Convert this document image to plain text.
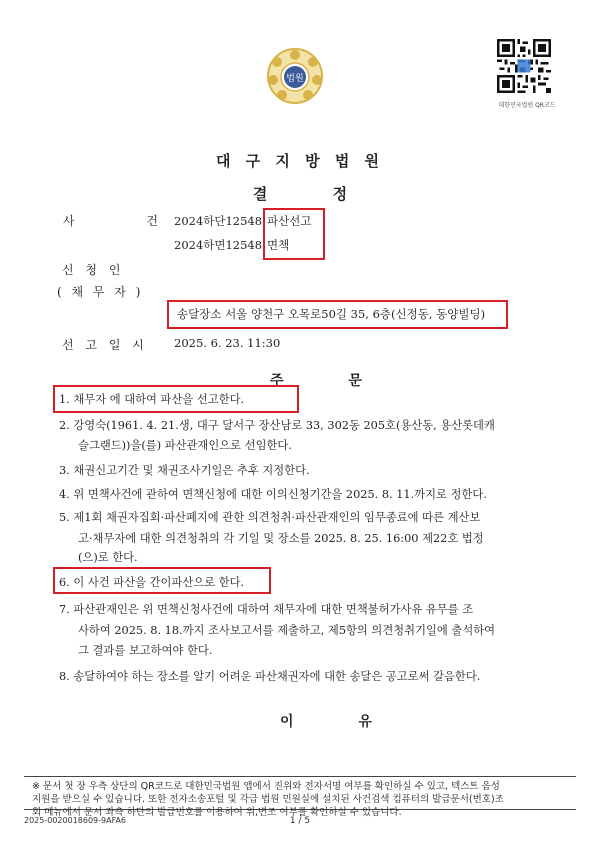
법원
대한민국법원 QR코드
대 구 지 방 법 원
결 정
사 건
2024하단12548 파산선고
2024하면12548 면책
신 청 인
( 채 무 자 )
송달장소 서울 양천구 오목로50길 35, 6층(신정동, 동양빌딩)
선 고 일 시 2025. 6. 23. 11:30
주 문
1. 채무자 에 대하여 파산을 선고한다.
2. 강영숙(1961. 4. 21.생, 대구 달서구 장산남로 33, 302동 205호(용산동, 용산롯데캐
슬그랜드))을(를) 파산관재인으로 선임한다.
3. 채권신고기간 및 채권조사기일은 추후 지정한다.
4. 위 면책사건에 관하여 면책신청에 대한 이의신청기간을 2025. 8. 11.까지로 정한다.
5. 제1회 채권자집회·파산폐지에 관한 의견청취·파산관재인의 임무종료에 따른 계산보
고·채무자에 대한 의견청취의 각 기일 및 장소를 2025. 8. 25. 16:00 제22호 법정
(으)로 한다.
6. 이 사건 파산을 간이파산으로 한다.
7. 파산관재인은 위 면책신청사건에 대하여 채무자에 대한 면책불허가사유 유무를 조
사하여 2025. 8. 18.까지 조사보고서를 제출하고, 제5항의 의견청취기일에 출석하여
그 결과를 보고하여야 한다.
8. 송달하여야 하는 장소를 알기 어려운 파산채권자에 대한 송달은 공고로써 갈음한다.
이 유
※ 문서 첫 장 우측 상단의 QR코드로 대한민국법원 앱에서 진위와 전자서명 여부를 확인하실 수 있고, 텍스트 음성
지원을 받으실 수 있습니다. 또한 전자소송포털 및 각급 법원 민원실에 설치된 사건검색 컴퓨터의 발급문서(번호)조
회 메뉴에서 문서 좌측 하단의 발급번호를 이용하여 위,변조 여부를 확인하실 수 있습니다.
2025-0020018609-9AFA6	1 / 5
